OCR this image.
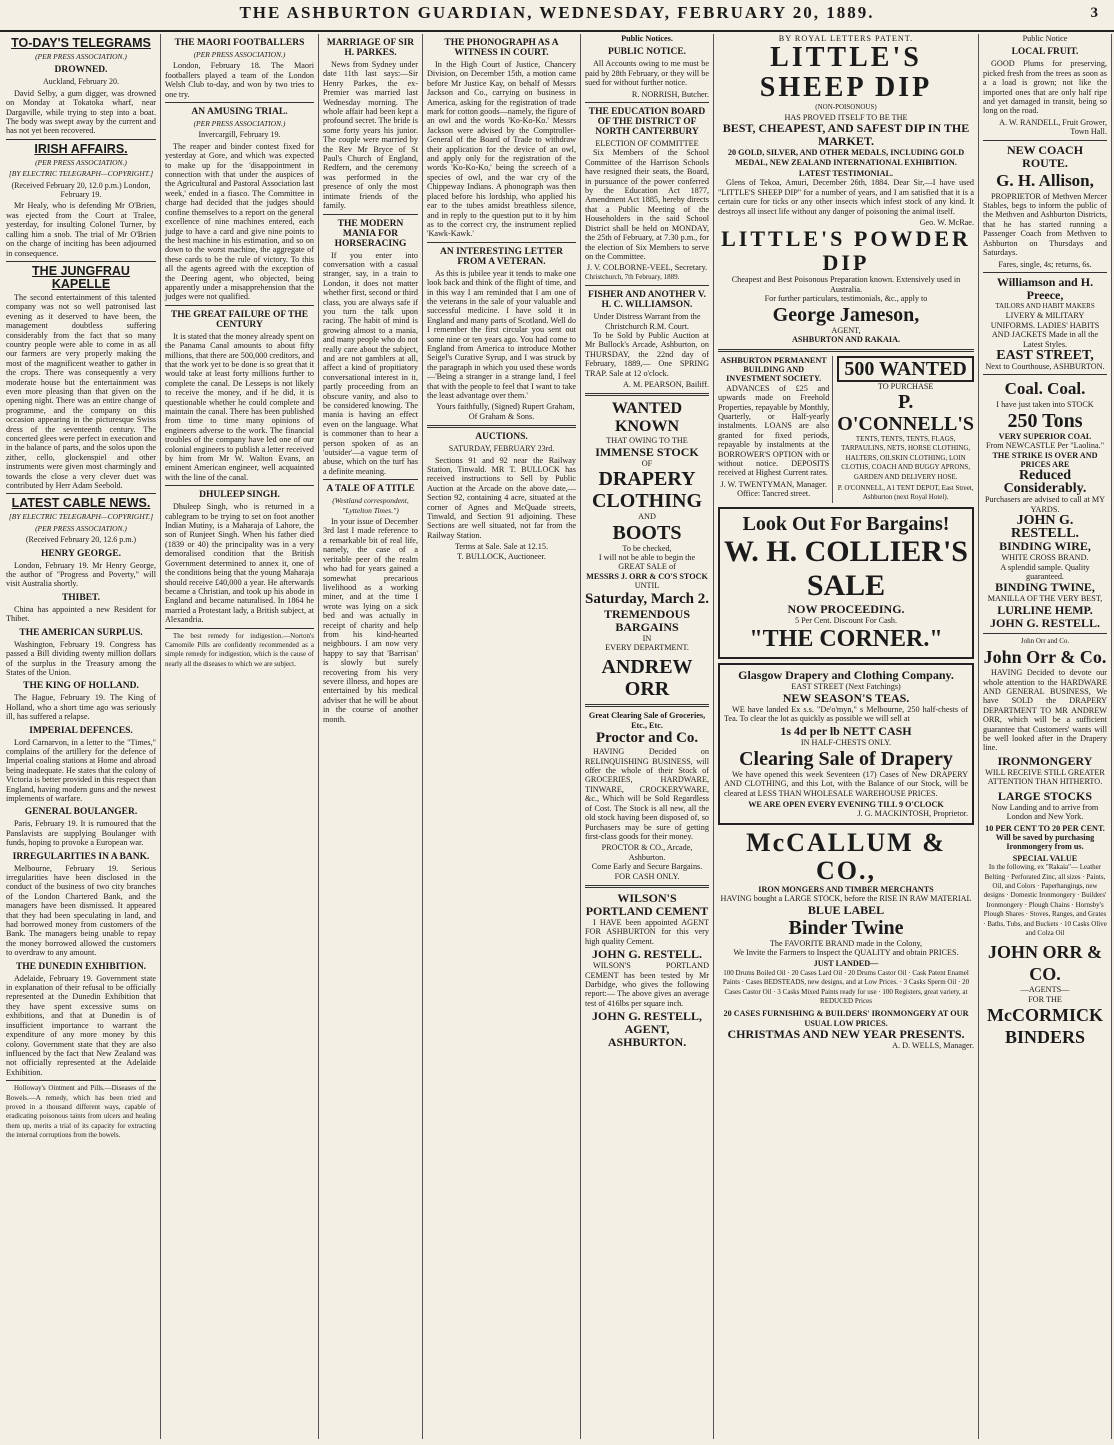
THE ASHBURTON GUARDIAN, WEDNESDAY, FEBRUARY 20, 1889.	3
TO-DAY'S TELEGRAMS
(PER PRESS ASSOCIATION.)
DROWNED.
Auckland, February 20.

David Selby, a gum digger, was drowned on Monday at Tokatoka wharf, near Dargaville, while trying to step into a boat. The body was swept away by the current and has not yet been recovered.

IRISH AFFAIRS.
(PER PRESS ASSOCIATION.)
[BY ELECTRIC TELEGRAPH—COPYRIGHT.]
(Received February 20, 12.0 p.m.) London, February 19.

Mr Healy, who is defending Mr O'Brien, was ejected from the Court at Tralee, yesterday, for insulting Colonel Turner, by calling him a snob. The trial of Mr O'Brien on the charge of inciting has been adjourned in consequence.

THE JUNGFRAU KAPELLE

The second entertainment of this talented company was not so well patronised last evening as it deserved to have been, the management doubtless suffering considerably from the fact that so many country people were able to come in as all our farmers are very properly making the most of the magnificent weather to gather in the crops. There was consequently a very moderate house but the entertainment was even more pleasing than that given on the opening night. There was an entire change of programme, and the company on this occasion appearing in the picturesque Swiss dress of the seventeenth century. The concerted glees were perfect in execution and in the balance of parts, and the solos upon the zither, cello, glockenspiel and other instruments were given most charmingly and towards the close a very clever duet was contributed by Herr Adam Seebold.

LATEST CABLE NEWS.
[BY ELECTRIC TELEGRAPH—COPYRIGHT.]
(PER PRESS ASSOCIATION.)
(Received February 20, 12.6 p.m.)
HENRY GEORGE.

London, February 19. Mr Henry George, the author of "Progress and Poverty," will visit Australia shortly.

THIBET.

China has appointed a new Resident for Thibet.

THE AMERICAN SURPLUS.

Washington, February 19. Congress has passed a Bill dividing twenty million dollars of the surplus in the Treasury among the States of the Union.

THE KING OF HOLLAND.

The Hague, February 19. The King of Holland, who a short time ago was seriously ill, has suffered a relapse.

IMPERIAL DEFENCES.

Lord Carnarvon, in a letter to the "Times," complains of the artillery for the defence of Imperial coaling stations at Home and abroad being inadequate. He states that the colony of Victoria is better provided in this respect than England, having modern guns and the newest implements of warfare.

GENERAL BOULANGER.

Paris, February 19. It is rumoured that the Panslavists are supplying Boulanger with funds, hoping to provoke a European war.

IRREGULARITIES IN A BANK.

Melbourne, February 19. Serious irregularities have been disclosed in the conduct of the business of two city branches of the London Chartered Bank, and the managers have been dismissed. It appeared that they had been speculating in land, and had borrowed money from customers of the Bank. The managers being unable to repay the money borrowed allowed the customers to overdraw to any amount.

THE DUNEDIN EXHIBITION.

Adelaide, February 19. Government state in explanation of their refusal to be officially represented at the Dunedin Exhibition that they have spent excessive sums on exhibitions, and that at Dunedin is of insufficient importance to warrant the expenditure of any more money by this colony. Government state that they are also influenced by the fact that New Zealand was not officially represented at the Adelaide Exhibition.

Holloway's Ointment and Pills.—Diseases of the Bowels.—A remedy, which has been tried and proved in a thousand different ways, capable of eradicating poisonous taints from ulcers and healing them up, merits a trial of its capacity for extracting the internal corruptions from the bowels.

THE MAORI FOOTBALLERS
(PER PRESS ASSOCIATION.)

London, February 18. The Maori footballers played a team of the London Welsh Club to-day, and won by two tries to one try.

AN AMUSING TRIAL.
(PER PRESS ASSOCIATION.)
Invercargill, February 19.

The reaper and binder contest fixed for yesterday at Gore, and which was expected to make up for the 'disappointment in connection with that under the auspices of the Agricultural and Pastoral Association last week,' ended in a fiasco. The Committee in charge had decided that the judges should confine themselves to a report on the general excellence of nine machines entered, each judge to have a card and give nine points to the best machine in his estimation, and so on down to the worst machine, the aggregate of these cards to be the rule of victory. To this all the agents agreed with the exception of the Deering agent, who objected, being apparently under a misapprehension that the judges were not qualified.

THE GREAT FAILURE OF THE CENTURY

It is stated that the money already spent on the Panama Canal amounts to about fifty millions, that there are 500,000 creditors, and that the work yet to be done is so great that it would take at least forty millions further to complete the canal. De Lesseps is not likely to receive the money, and if he did, it is questionable whether he could complete and maintain the canal. There has been published from time to time many opinions of engineers adverse to the work. The financial troubles of the company have led one of our colonial engineers to publish a letter received by him from Mr W. Walton Evans, an eminent American engineer, well acquainted with the line of the canal.

DHULEEP SINGH.

Dhuleep Singh, who is returned in a cablegram to be trying to set on foot another Indian Mutiny, is a Maharaja of Lahore, the son of Runjeet Singh. When his father died (1839 or 40) the principality was in a very demoralised condition that the British Government determined to annex it, one of the conditions being that the young Maharaja should receive £40,000 a year. He afterwards became a Christian, and took up his abode in England and became naturalised. In 1864 he married a Protestant lady, a British subject, at Alexandria.

The best remedy for indigestion.—Norton's Camomile Pills are confidently recommended as a simple remedy for indigestion, which is the cause of nearly all the diseases to which we are subject.

MARRIAGE OF SIR H. PARKES.

News from Sydney under date 11th last says:—Sir Henry Parkes, the ex-Premier was married last Wednesday morning. The whole affair had been kept a profound secret. The bride is some forty years his junior. The couple were married by the Rev Mr Bryce of St Paul's Church of England, Redfern, and the ceremony was performed in the presence of only the most intimate friends of the family.

THE MODERN MANIA FOR HORSERACING

If you enter into conversation with a casual stranger, say, in a train to London, it does not matter whether first, second or third class, you are always safe if you turn the talk upon racing. The habit of mind is growing almost to a mania, and many people who do not really care about the subject, and are not gamblers at all, affect a kind of propitiatory conversational interest in it, partly proceeding from an obscure vanity, and also to be considered knowing. The mania is having an effect even on the language. What is commoner than to hear a person spoken of as an 'outsider'—a vague term of abuse, which on the turf has a definite meaning.

A TALE OF A TITLE
(Westland correspondent, "Lyttelton Times.")

In your issue of December 3rd last I made reference to a remarkable bit of real life, namely, the case of a veritable peer of the realm who had for years gained a somewhat precarious livelihood as a working miner, and at the time I wrote was lying on a sick bed and was actually in receipt of charity and help from his kind-hearted neighbours. I am now very happy to say that 'Barrisan' is slowly but surely recovering from his very severe illness, and hopes are entertained by his medical adviser that he will be about in the course of another month.

THE PHONOGRAPH AS A WITNESS IN COURT.

In the High Court of Justice, Chancery Division, on December 15th, a motion came before Mr Justice Kay, on behalf of Messrs Jackson and Co., carrying on business in America, asking for the registration of trade mark for cotton goods—namely, the figure of an owl and the words 'Ko-Ko-Ko.' Messrs Jackson were advised by the Comptroller-General of the Board of Trade to withdraw their application for the device of an owl, and apply only for the registration of the words 'Ko-Ko-Ko,' being the screech of a species of owl, and the war cry of the Chippeway Indians. A phonograph was then placed before his lordship, who applied his ear to the tubes amidst breathless silence, and in reply to the question put to it by him as to the correct cry, the instrument replied 'Kawk-Kawk.'

AN INTERESTING LETTER FROM A VETERAN.

As this is jubilee year it tends to make one look back and think of the flight of time, and in this way I am reminded that I am one of the veterans in the sale of your valuable and successful medicine. I have sold it in England and many parts of Scotland. Well do I remember the first circular you sent out some nine or ten years ago. You had come to England from America to introduce Mother Seigel's Curative Syrup, and I was struck by the paragraph in which you used these words—'Being a stranger in a strange land, I feel that with the people to feel that I want to take the least advantage over them.'

Yours faithfully, (Signed) Rupert Graham, Of Graham & Sons.

AUCTIONS.
SATURDAY, FEBRUARY 23rd.

Sections 91 and 92 near the Railway Station, Tinwald. MR T. BULLOCK has received instructions to Sell by Public Auction at the Arcade on the above date,— Section 92, containing 4 acre, situated at the corner of Agnes and McQuade streets, Tinwald, and Section 91 adjoining. These Sections are well situated, not far from the Railway Station.

Terms at Sale. Sale at 12.15.
T. BULLOCK, Auctioneer.
Public Notices.
PUBLIC NOTICE.

All Accounts owing to me must be paid by 28th February, or they will be sued for without further notice.

R. NORRISH, Butcher.
THE EDUCATION BOARD OF THE DISTRICT OF NORTH CANTERBURY
ELECTION OF COMMITTEE

Six Members of the School Committee of the Harrison Schools have resigned their seats, the Board, in pursuance of the power conferred by the Education Act 1877, Amendment Act 1885, hereby directs that a Public Meeting of the Householders in the said School District shall be held on MONDAY, the 25th of February, at 7.30 p.m., for the election of Six Members to serve on the Committee.

J. V. COLBORNE-VEEL, Secretary.
Christchurch, 7th February, 1889.
FISHER AND ANOTHER V. H. C. WILLIAMSON.
Under Distress Warrant from the Christchurch R.M. Court.

To be Sold by Public Auction at Mr Bullock's Arcade, Ashburton, on THURSDAY, the 22nd day of February, 1889,— One SPRING TRAP. Sale at 12 o'clock.

A. M. PEARSON, Bailiff.
WANTED KNOWN
THAT OWING TO THE
IMMENSE STOCK
OF
DRAPERY
CLOTHING
AND
BOOTS
To be checked,
I will not be able to begin the GREAT SALE of
MESSRS J. ORR & CO'S STOCK
UNTIL
Saturday, March 2.
TREMENDOUS BARGAINS
IN
EVERY DEPARTMENT.
ANDREW ORR
Great Clearing Sale of Groceries, Etc., Etc.
Proctor and Co.

HAVING Decided on RELINQUISHING BUSINESS, will offer the whole of their Stock of GROCERIES, HARDWARE, TINWARE, CROCKERYWARE, &c., Which will be Sold Regardless of Cost. The Stock is all new, all the old stock having been disposed of, so Purchasers may be sure of getting first-class goods for their money.

PROCTOR & CO., Arcade, Ashburton.
Come Early and Secure Bargains. FOR CASH ONLY.
WILSON'S PORTLAND CEMENT

I HAVE been appointed AGENT FOR ASHBURTON for this very high quality Cement.

JOHN G. RESTELL.

WILSON'S PORTLAND CEMENT has been tested by Mr Darbidge, who gives the following report:— The above gives an average test of 416lbs per square inch.

JOHN G. RESTELL, AGENT, ASHBURTON.
BY ROYAL LETTERS PATENT.
LITTLE'S SHEEP DIP
(NON-POISONOUS)
HAS PROVED ITSELF TO BE THE
BEST, CHEAPEST, AND SAFEST DIP IN THE MARKET.
20 GOLD, SILVER, AND OTHER MEDALS, INCLUDING GOLD MEDAL, NEW ZEALAND INTERNATIONAL EXHIBITION.
LATEST TESTIMONIAL.

Glens of Tekoa, Amuri, December 26th, 1884. Dear Sir,—I have used "LITTLE'S SHEEP DIP" for a number of years, and I am satisfied that it is a certain cure for ticks or any other insects which infest stock of any kind. It destroys all insect life without any danger of poisoning the animal itself.

Geo. W. McRae.
LITTLE'S POWDER DIP
Cheapest and Best Poisonous Preparation known. Extensively used in Australia.
For further particulars, testimonials, &c., apply to
George Jameson,
AGENT,
ASHBURTON AND RAKAIA.
ASHBURTON PERMANENT BUILDING AND INVESTMENT SOCIETY.

ADVANCES of £25 and upwards made on Freehold Properties, repayable by Monthly, Quarterly, or Half-yearly instalments. LOANS are also granted for fixed periods, repayable by instalments at the BORROWER'S OPTION with or without notice. DEPOSITS received at Highest Current rates.

J. W. TWENTYMAN, Manager. Office: Tancred street.
500 WANTED
TO PURCHASE
P. O'CONNELL'S
TENTS, TENTS, TENTS, FLAGS, TARPAULINS, NETS, HORSE CLOTHING, HALTERS, OILSKIN CLOTHING, LOIN CLOTHS, COACH AND BUGGY APRONS, GARDEN AND DELIVERY HOSE.
P. O'CONNELL, A1 TENT DEPOT, East Street, Ashburton (next Royal Hotel).
Look Out For Bargains!
W. H. COLLIER'S SALE
NOW PROCEEDING.
5 Per Cent. Discount For Cash.
"THE CORNER."
Glasgow Drapery and Clothing Company.
EAST STREET (Next Fatchings)
NEW SEASON'S TEAS.

WE have landed Ex s.s. "De'o'myn," s Melbourne, 250 half-chests of Tea. To clear the lot as quickly as possible we will sell at

1s 4d per lb NETT CASH
IN HALF-CHESTS ONLY.
Clearing Sale of Drapery

We have opened this week Seventeen (17) Cases of New DRAPERY AND CLOTHING, and this Lot, with the Balance of our Stock, will be cleared at LESS THAN WHOLESALE WAREHOUSE PRICES.

WE ARE OPEN EVERY EVENING TILL 9 O'CLOCK
J. G. MACKINTOSH, Proprietor.
McCALLUM & CO.,
IRON MONGERS AND TIMBER MERCHANTS
HAVING bought a LARGE STOCK, before the RISE IN RAW MATERIAL
BLUE LABEL
Binder Twine
The FAVORITE BRAND made in the Colony,
We Invite the Farmers to Inspect the QUALITY and obtain PRICES.
JUST LANDED—
100 Drums Boiled Oil · 20 Cases Lard Oil · 20 Drums Castor Oil · Cask Patent Enamel Paints · Cases BEDSTEADS, new designs, and at Low Prices. · 3 Casks Sperm Oil · 20 Cases Castor Oil · 3 Casks Mixed Paints ready for use · 100 Registers, great variety, at REDUCED Prices
20 CASES FURNISHING & BUILDERS' IRONMONGERY AT OUR USUAL LOW PRICES.
CHRISTMAS AND NEW YEAR PRESENTS.
A. D. WELLS, Manager.
Public Notice
LOCAL FRUIT.

GOOD Plums for preserving, picked fresh from the trees as soon as a a load is grown; not like the imported ones that are only half ripe and yet damaged in transit, being so long on the road.

A. W. RANDELL, Fruit Grower, Town Hall.
NEW COACH ROUTE.
G. H. Allison,

PROPRIETOR of Methven Mercer Stables, begs to inform the public of the Methven and Ashburton Districts, that he has started running a Passenger Coach from Methven to Ashburton on Thursdays and Saturdays.

Fares, single, 4s; returns, 6s.
Williamson and H. Preece,
TAILORS AND HABIT MAKERS
LIVERY & MILITARY UNIFORMS. LADIES' HABITS AND JACKETS Made in all the Latest Styles.
EAST STREET,
Next to Courthouse, ASHBURTON.
Coal. Coal.
I have just taken into STOCK
250 Tons
VERY SUPERIOR COAL
From NEWCASTLE Per "Laolina."
THE STRIKE IS OVER AND PRICES ARE
Reduced Considerably.
Purchasers are advised to call at MY YARDS.
JOHN G. RESTELL.
BINDING WIRE,
WHITE CROSS BRAND.
A splendid sample. Quality guaranteed.
BINDING TWINE,
MANILLA OF THE VERY BEST,
LURLINE HEMP.
JOHN G. RESTELL.
John Orr and Co.
John Orr & Co.

HAVING Decided to devote our whole attention to the HARDWARE AND GENERAL BUSINESS, We have SOLD the DRAPERY DEPARTMENT TO MR ANDREW ORR, which will be a sufficient guarantee that Customers' wants will be well looked after in the Drapery line.

IRONMONGERY
WILL RECEIVE STILL GREATER ATTENTION THAN HITHERTO.
LARGE STOCKS
Now Landing and to arrive from London and New York.
10 PER CENT TO 20 PER CENT. Will be saved by purchasing Ironmongery from us.
SPECIAL VALUE
In the following, ex "Rakaia"— Leather Belting · Perforated Zinc, all sizes · Paints, Oil, and Colors · Paperhangings, new designs · Domestic Ironmongery · Builders' Ironmongery · Plough Chains · Hornsby's Plough Shares · Stoves, Ranges, and Grates · Baths, Tubs, and Buckets · 10 Casks Olive and Colza Oil
JOHN ORR & CO.
—AGENTS—
FOR THE
McCORMICK
BINDERS
